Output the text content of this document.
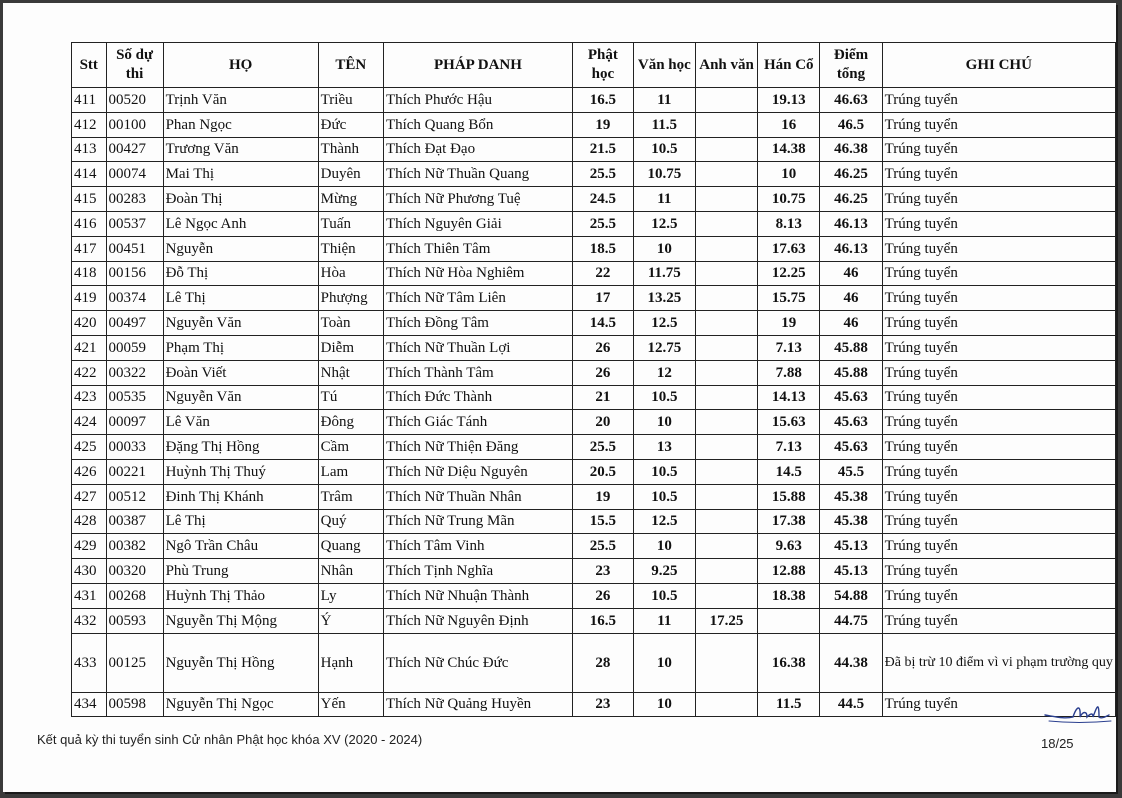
Stt	Số dự thi	HỌ	TÊN	PHÁP DANH	Phật học	Văn học	Anh văn	Hán Cổ	Điểm tổng	GHI CHÚ
411	00520	Trịnh Văn	Triều	Thích Phước Hậu	16.5	11		19.13	46.63	Trúng tuyển
412	00100	Phan Ngọc	Đức	Thích Quang Bổn	19	11.5		16	46.5	Trúng tuyển
413	00427	Trương Văn	Thành	Thích Đạt Đạo	21.5	10.5		14.38	46.38	Trúng tuyển
414	00074	Mai Thị	Duyên	Thích Nữ Thuần Quang	25.5	10.75		10	46.25	Trúng tuyển
415	00283	Đoàn Thị	Mừng	Thích Nữ Phương Tuệ	24.5	11		10.75	46.25	Trúng tuyển
416	00537	Lê Ngọc Anh	Tuấn	Thích Nguyên Giải	25.5	12.5		8.13	46.13	Trúng tuyển
417	00451	Nguyễn	Thiện	Thích Thiên Tâm	18.5	10		17.63	46.13	Trúng tuyển
418	00156	Đỗ Thị	Hòa	Thích Nữ Hòa Nghiêm	22	11.75		12.25	46	Trúng tuyển
419	00374	Lê Thị	Phượng	Thích Nữ Tâm Liên	17	13.25		15.75	46	Trúng tuyển
420	00497	Nguyễn Văn	Toàn	Thích Đồng Tâm	14.5	12.5		19	46	Trúng tuyển
421	00059	Phạm Thị	Diễm	Thích Nữ Thuần Lợi	26	12.75		7.13	45.88	Trúng tuyển
422	00322	Đoàn Viết	Nhật	Thích Thành Tâm	26	12		7.88	45.88	Trúng tuyển
423	00535	Nguyễn Văn	Tú	Thích Đức Thành	21	10.5		14.13	45.63	Trúng tuyển
424	00097	Lê Văn	Đông	Thích Giác Tánh	20	10		15.63	45.63	Trúng tuyển
425	00033	Đặng Thị Hồng	Cầm	Thích Nữ Thiện Đăng	25.5	13		7.13	45.63	Trúng tuyển
426	00221	Huỳnh Thị Thuý	Lam	Thích Nữ Diệu Nguyên	20.5	10.5		14.5	45.5	Trúng tuyển
427	00512	Đinh Thị Khánh	Trâm	Thích Nữ Thuần Nhân	19	10.5		15.88	45.38	Trúng tuyển
428	00387	Lê Thị	Quý	Thích Nữ Trung Mãn	15.5	12.5		17.38	45.38	Trúng tuyển
429	00382	Ngô Trần Châu	Quang	Thích Tâm Vinh	25.5	10		9.63	45.13	Trúng tuyển
430	00320	Phù Trung	Nhân	Thích Tịnh Nghĩa	23	9.25		12.88	45.13	Trúng tuyển
431	00268	Huỳnh Thị Thảo	Ly	Thích Nữ Nhuận Thành	26	10.5		18.38	54.88	Trúng tuyển
432	00593	Nguyễn Thị Mộng	Ý	Thích Nữ Nguyên Định	16.5	11	17.25		44.75	Trúng tuyển
433	00125	Nguyễn Thị Hồng	Hạnh	Thích Nữ Chúc Đức	28	10		16.38	44.38	Đã bị trừ 10 điểm vì vi phạm trường quy
434	00598	Nguyễn Thị Ngọc	Yến	Thích Nữ Quảng Huyền	23	10		11.5	44.5	Trúng tuyển
Kết quả kỳ thi tuyển sinh Cử nhân Phật học khóa XV (2020 - 2024)	18/25
